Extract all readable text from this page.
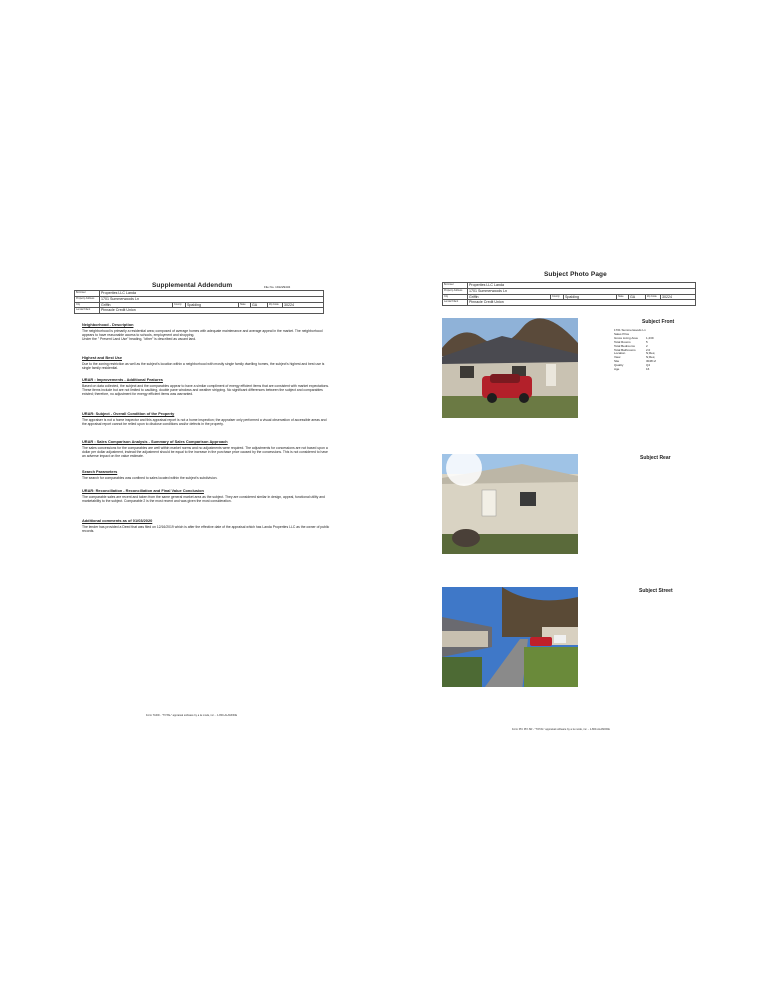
Supplemental Addendum	File No. 191229434
Borrower	Properties LLC Landa						
Property Address	1701 Summerwoods Ln						
City	Griffin	County	Spalding	State	GA	Zip Code	30224
Lender/Client	Pinnacle Credit Union						
Neighborhood - Description

The neighborhood is primarily a residential area; composed of average homes with adequate maintenance and average appeal in the market. The neighborhood appears to have reasonable access to schools, employment and shopping.
Under the " Present Land Use" heading, "other" is described as vacant land.

Highest and Best Use

Due to the zoning restriction as well as the subject's location within a neighborhood with mostly single family dwelling homes, the subject's highest and best use is single family residential.

URAR : Improvements - Additional Features

Based on data collected, the subject and the comparables appear to have a similar compliment of energy efficient items that are consistent with market expectations. These items include but are not limited to caulking, double pane windows and weather stripping. No significant differences between the subject and comparables existed; therefore, no adjustment for energy efficient items was warranted.

URAR: Subject - Overall Condition of the Property

The appraiser is not a home inspector and this appraisal report is not a home inspection; the appraiser only performed a visual observation of accessible areas and the appraisal report cannot be relied upon to disclose conditions and/or defects in the property.

URAR : Sales Comparison Analysis - Summary of Sales Comparison Approach

The sales concessions for the comparables are well within market norms and no adjustments were required. The adjustments for concessions are not based upon a dollar per dollar adjustment, instead the adjustment should be equal to the increase in the purchase price caused by the concessions. This is not considered to have an adverse impact on the value estimate.

Search Parameters

The search for comparables was confined to sales located within the subject's subdivision.

URAR: Reconciliation - Reconciliation and Final Value Conclusion

The comparable sales are recent and taken from the same general market area as the subject. They are considered similar in design, appeal, functional utility and marketability to the subject. Comparable 2 is the most recent and was given the most consideration.

Additional comments as of 01/03/2020

The lender has provided a Deed that was filed on 12/16/2019 which is after the effective date of the appraisal which has Landa Properties LLC as the owner of public records.

Form TADD - "TOTAL" appraisal software by a la mode, inc. - 1-800-ALAMODE
Subject Photo Page
Borrower	Properties LLC Landa						
Property Address	1701 Summerwoods Ln						
City	Griffin	County	Spalding	State	GA	Zip Code	30224
Lender/Client	Pinnacle Credit Union						
Subject Front
1701 Summerwoods Ln
Sales Price
Gross Living Area	1,239
Total Rooms	5
Total Bedrooms	2
Total Bathrooms	2.0
Location	N;Res;
View	N;Res;
Site	3048 sf
Quality	Q4
Age	16
Subject Rear
Subject Street
Form PIC PIX.SR - "TOTAL" appraisal software by a la mode, inc. - 1-800-ALAMODE
